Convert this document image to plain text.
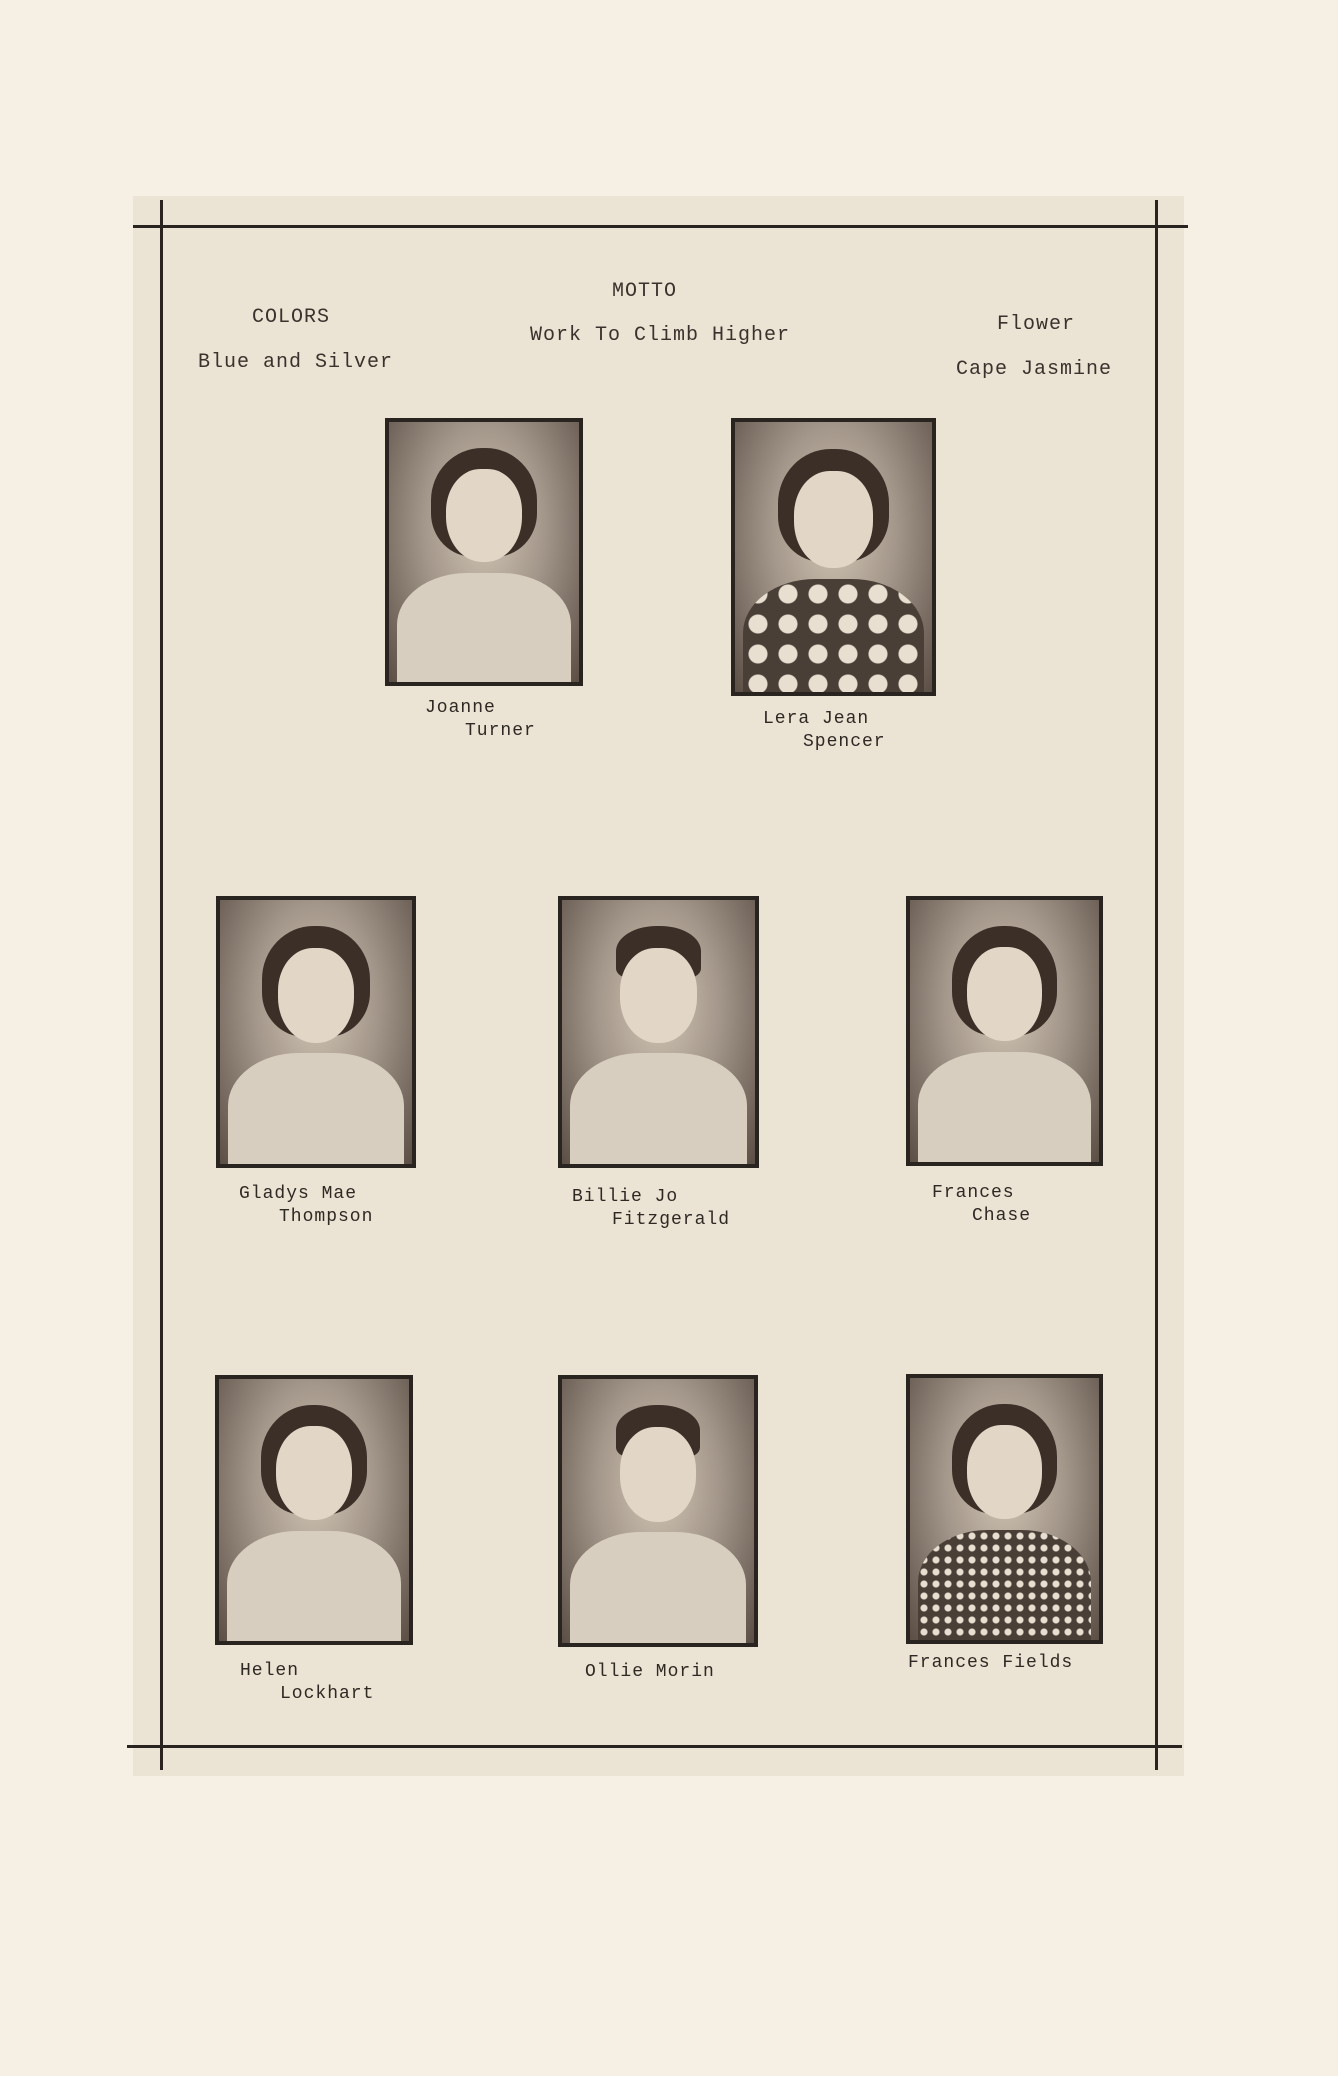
COLORS
Blue and Silver
MOTTO
Work To Climb Higher	Flower
Cape Jasmine
Joanne
Turner
Lera Jean
Spencer
Gladys Mae
Thompson
Billie Jo
Fitzgerald
Frances
Chase
Helen
Lockhart
Ollie Morin	Frances Fields
